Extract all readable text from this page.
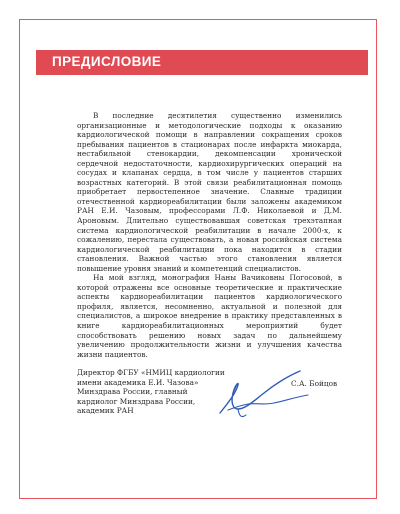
ПРЕДИСЛОВИЕ

В последние десятилетия существенно изменились организационные и методологические подходы к оказанию кардиологической помощи в направлении сокращения сроков пребывания пациентов в стационарах после инфаркта миокарда, нестабильной стенокардии, декомпенсации хронической сердечной недостаточности, кардиохирургических операций на сосудах и клапанах сердца, в том числе у пациентов старших возрастных категорий. В этой связи реабилитационная помощь приобретает первостепенное значение. Славные традиции отечественной кардиореабилитации были заложены академиком РАН Е.И. Чазовым, профессорами Л.Ф. Николаевой и Д.М. Ароновым. Длительно существовавшая советская трехэтапная система кардиологической реабилитации в начале 2000-х, к сожалению, перестала существовать, а новая российская система кардиологической реабилитации пока находится в стадии становления. Важной частью этого становления является повышение уровня знаний и компетенций специалистов.

На мой взгляд, монография Наны Вачиковны Погосовой, в которой отражены все основные теоретические и практические аспекты кардиореабилитации пациентов кардиологического профиля, является, несомненно, актуальной и полезной для специалистов, а широкое внедрение в практику представленных в книге кардиореабилитационных мероприятий будет способствовать решению новых задач по дальнейшему увеличению продолжительности жизни и улучшения качества жизни пациентов.

Директор ФГБУ «НМИЦ кардиологии
имени академика Е.И. Чазова»
Минздрава России, главный
кардиолог Минздрава России,
академик РАН
С.А. Бойцов
